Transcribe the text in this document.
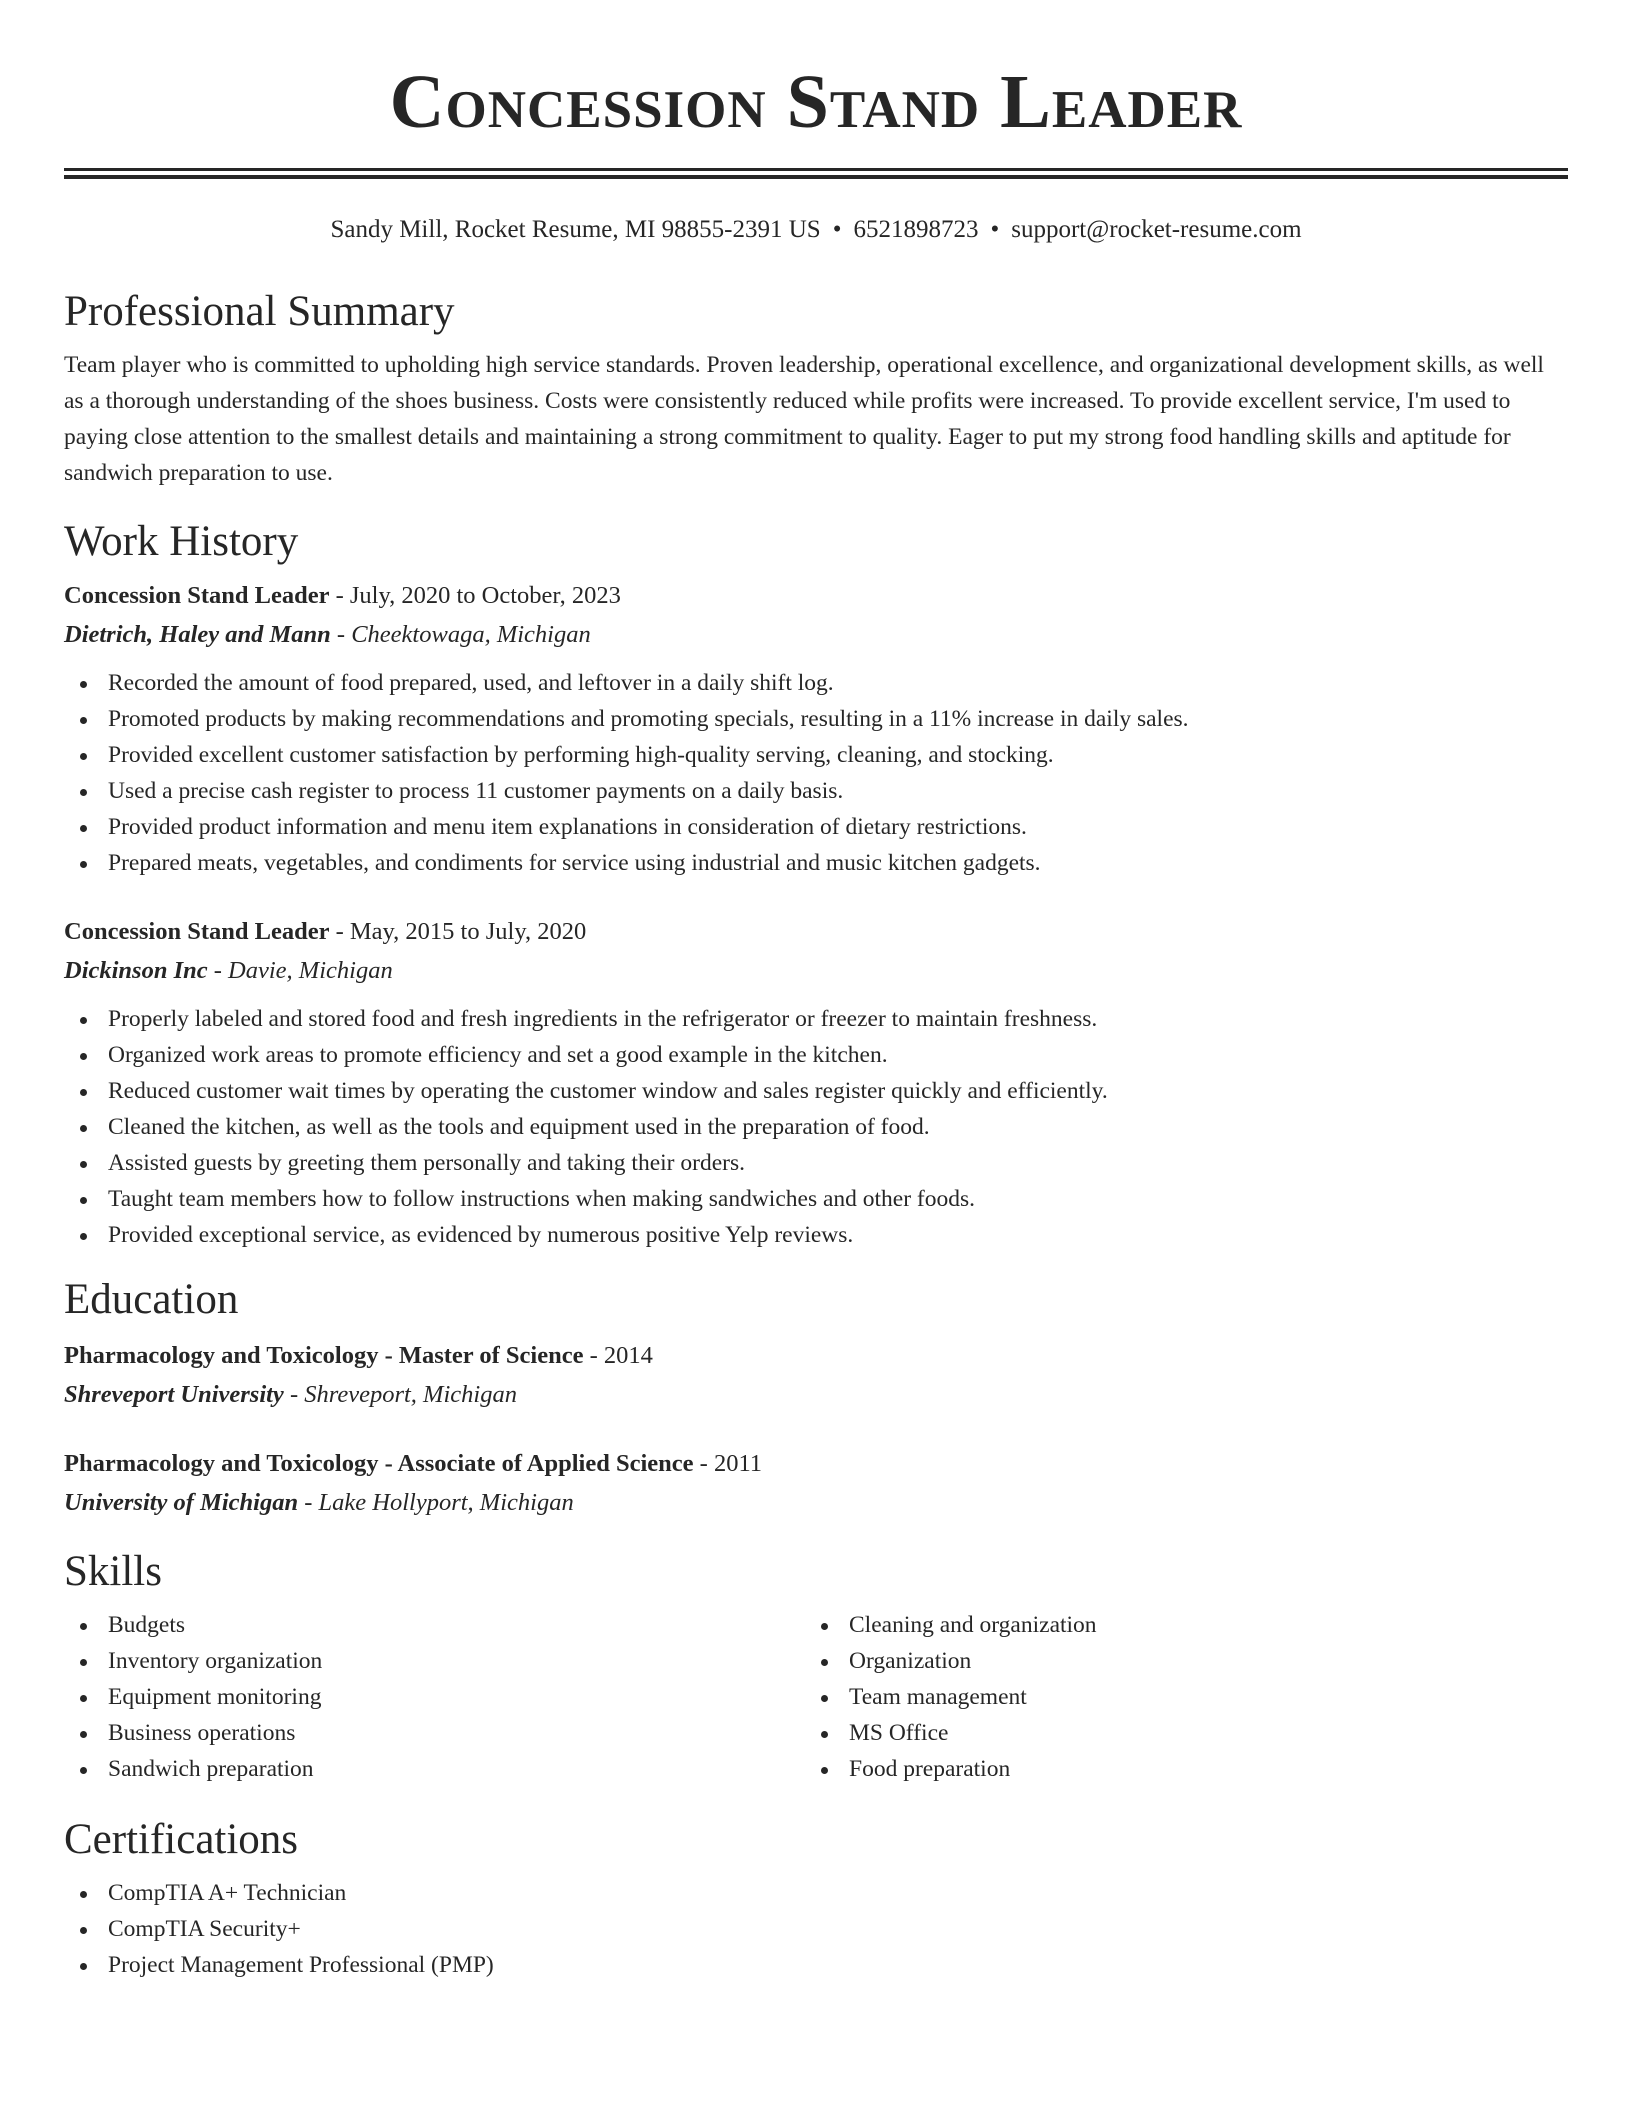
Concession Stand Leader
Sandy Mill, Rocket Resume, MI 98855-2391 US • 6521898723 • support@rocket-resume.com
Professional Summary

Team player who is committed to upholding high service standards. Proven leadership, operational excellence, and organizational development skills, as well as a thorough understanding of the shoes business. Costs were consistently reduced while profits were increased. To provide excellent service, I'm used to paying close attention to the smallest details and maintaining a strong commitment to quality. Eager to put my strong food handling skills and aptitude for sandwich preparation to use.

Work History
Concession Stand Leader - July, 2020 to October, 2023
Dietrich, Haley and Mann - Cheektowaga, Michigan
Recorded the amount of food prepared, used, and leftover in a daily shift log.
Promoted products by making recommendations and promoting specials, resulting in a 11% increase in daily sales.
Provided excellent customer satisfaction by performing high-quality serving, cleaning, and stocking.
Used a precise cash register to process 11 customer payments on a daily basis.
Provided product information and menu item explanations in consideration of dietary restrictions.
Prepared meats, vegetables, and condiments for service using industrial and music kitchen gadgets.
Concession Stand Leader - May, 2015 to July, 2020
Dickinson Inc - Davie, Michigan
Properly labeled and stored food and fresh ingredients in the refrigerator or freezer to maintain freshness.
Organized work areas to promote efficiency and set a good example in the kitchen.
Reduced customer wait times by operating the customer window and sales register quickly and efficiently.
Cleaned the kitchen, as well as the tools and equipment used in the preparation of food.
Assisted guests by greeting them personally and taking their orders.
Taught team members how to follow instructions when making sandwiches and other foods.
Provided exceptional service, as evidenced by numerous positive Yelp reviews.
Education
Pharmacology and Toxicology - Master of Science - 2014
Shreveport University - Shreveport, Michigan
Pharmacology and Toxicology - Associate of Applied Science - 2011
University of Michigan - Lake Hollyport, Michigan
Skills
Budgets
Inventory organization
Equipment monitoring
Business operations
Sandwich preparation
Cleaning and organization
Organization
Team management
MS Office
Food preparation
Certifications
CompTIA A+ Technician
CompTIA Security+
Project Management Professional (PMP)
